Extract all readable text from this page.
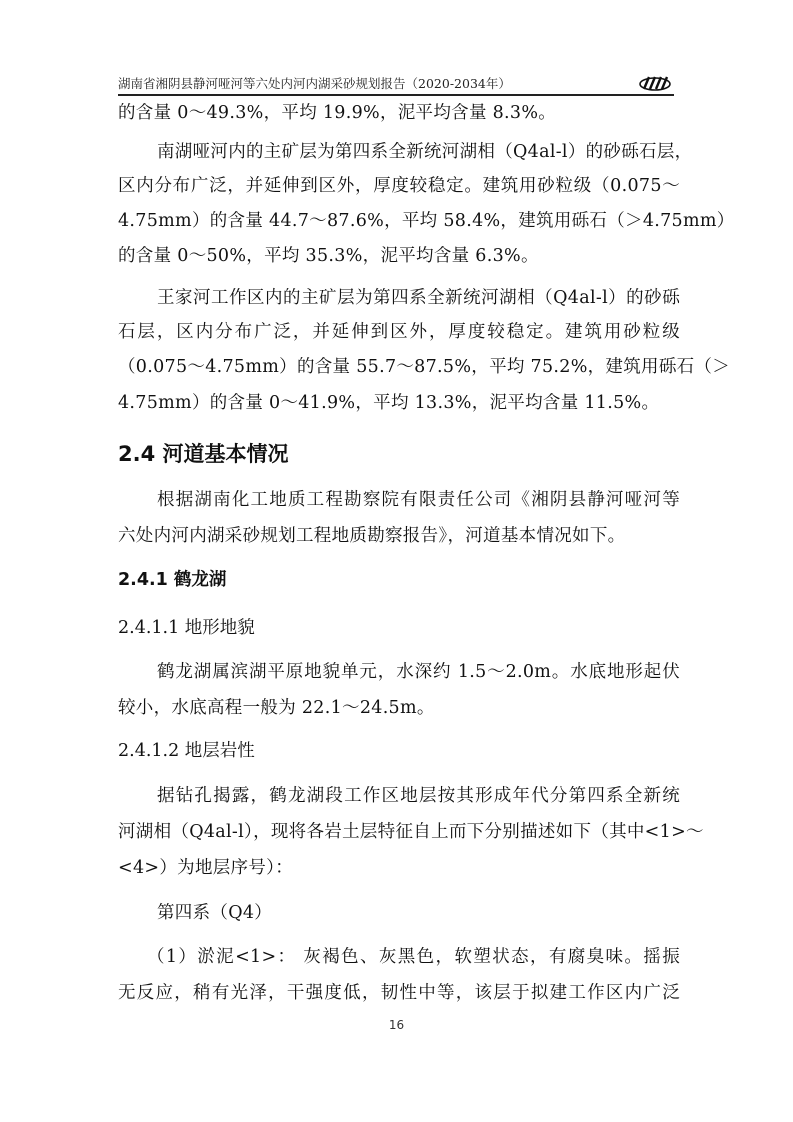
湖南省湘阴县静河哑河等六处内河内湖采砂规划报告（2020-2034年）
的含量 0～49.3%，平均 19.9%，泥平均含量 8.3%。
南湖哑河内的主矿层为第四系全新统河湖相（Q4al-l）的砂砾石层，
区内分布广泛，并延伸到区外，厚度较稳定。建筑用砂粒级（0.075～
4.75mm）的含量 44.7～87.6%，平均 58.4%，建筑用砾石（＞4.75mm）
的含量 0～50%，平均 35.3%，泥平均含量 6.3%。
王家河工作区内的主矿层为第四系全新统河湖相（Q4al-l）的砂砾
石层，区内分布广泛，并延伸到区外，厚度较稳定。建筑用砂粒级
（0.075～4.75mm）的含量 55.7～87.5%，平均 75.2%，建筑用砾石（＞
4.75mm）的含量 0～41.9%，平均 13.3%，泥平均含量 11.5%。
2.4 河道基本情况
根据湖南化工地质工程勘察院有限责任公司《湘阴县静河哑河等
六处内河内湖采砂规划工程地质勘察报告》，河道基本情况如下。
2.4.1 鹤龙湖
2.4.1.1 地形地貌
鹤龙湖属滨湖平原地貌单元，水深约 1.5～2.0m。水底地形起伏
较小，水底高程一般为 22.1～24.5m。
2.4.1.2 地层岩性
据钻孔揭露，鹤龙湖段工作区地层按其形成年代分第四系全新统
河湖相（Q4al-l），现将各岩土层特征自上而下分别描述如下（其中<1>～
<4>）为地层序号）：
第四系（Q4）
（1）淤泥<1>： 灰褐色、灰黑色，软塑状态，有腐臭味。摇振
无反应，稍有光泽，干强度低，韧性中等，该层于拟建工作区内广泛
16
